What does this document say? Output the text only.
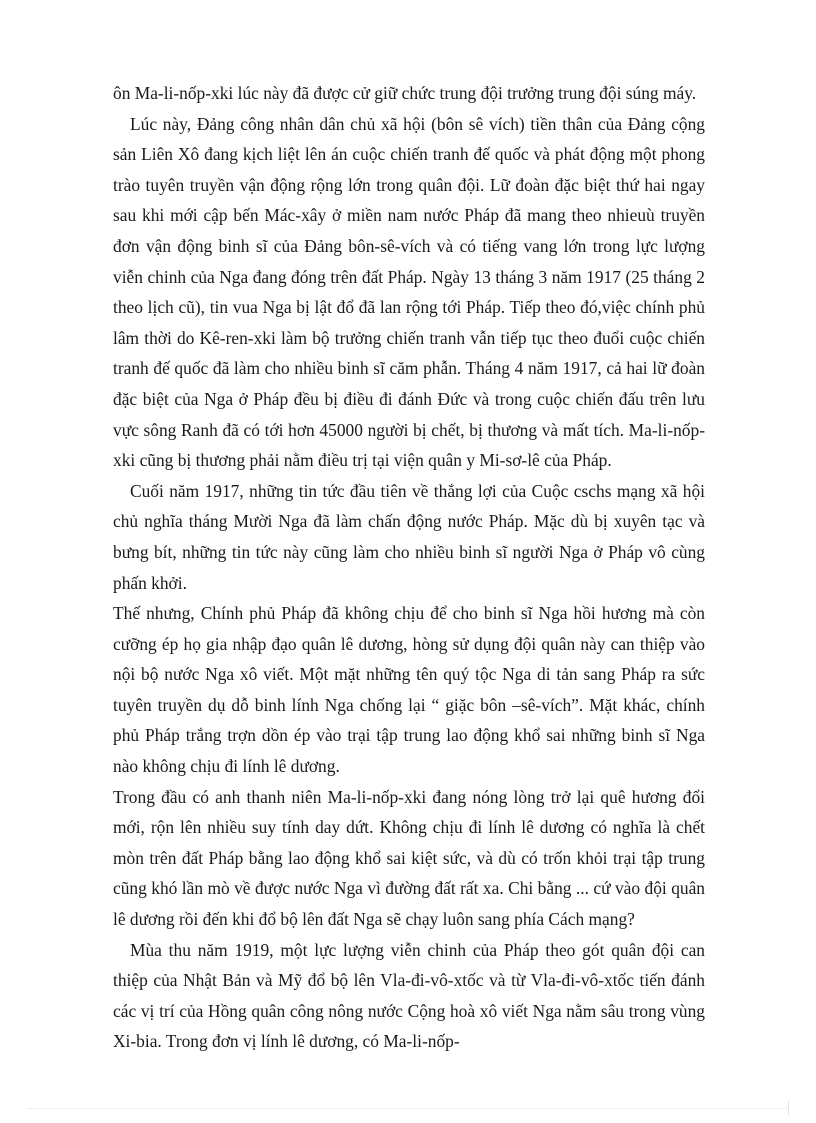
ôn Ma-li-nốp-xki lúc này đã được cử giữ chức trung đội trưởng trung đội súng máy.

Lúc này, Đảng công nhân dân chủ xã hội (bôn sê vích) tiền thân của Đảng cộng sản Liên Xô đang kịch liệt lên án cuộc chiến tranh đế quốc và phát động một phong trào tuyên truyền vận động rộng lớn trong quân đội. Lữ đoàn đặc biệt thứ hai ngay sau khi mới cập bến Mác-xây ở miền nam nước Pháp đã mang theo nhieuù truyền đơn vận động binh sĩ của Đảng bôn-sê-vích và có tiếng vang lớn trong lực lượng viễn chinh của Nga đang đóng trên đất Pháp. Ngày 13 tháng 3 năm 1917 (25 tháng 2 theo lịch cũ), tin vua Nga bị lật đổ đã lan rộng tới Pháp. Tiếp theo đó,việc chính phủ lâm thời do Kê-ren-xki làm bộ trưởng chiến tranh vẫn tiếp tục theo đuổi cuộc chiến tranh đế quốc đã làm cho nhiều binh sĩ căm phẫn. Tháng 4 năm 1917, cả hai lữ đoàn đặc biệt của Nga ở Pháp đều bị điều đi đánh Đức và trong cuộc chiến đấu trên lưu vực sông Ranh đã có tới hơn 45000 người bị chết, bị thương và mất tích. Ma-li-nốp-xki cũng bị thương phải nằm điều trị tại viện quân y Mi-sơ-lê của Pháp.

Cuối năm 1917, những tin tức đầu tiên về thắng lợi của Cuộc cschs mạng xã hội chủ nghĩa tháng Mười Nga đã làm chấn động nước Pháp. Mặc dù bị xuyên tạc và bưng bít, những tin tức này cũng làm cho nhiều binh sĩ người Nga ở Pháp vô cùng phấn khởi.

Thế nhưng, Chính phủ Pháp đã không chịu để cho binh sĩ Nga hồi hương mà còn cưỡng ép họ gia nhập đạo quân lê dương, hòng sử dụng đội quân này can thiệp vào nội bộ nước Nga xô viết. Một mặt những tên quý tộc Nga di tản sang Pháp ra sức tuyên truyền dụ dỗ binh lính Nga chống lại “ giặc bôn –sê-vích”. Mặt khác, chính phủ Pháp trắng trợn dồn ép vào trại tập trung lao động khổ sai những binh sĩ Nga nào không chịu đi lính lê dương.

Trong đầu có anh thanh niên Ma-li-nốp-xki đang nóng lòng trở lại quê hương đổi mới, rộn lên nhiều suy tính day dứt. Không chịu đi lính lê dương có nghĩa là chết mòn trên đất Pháp bằng lao động khổ sai kiệt sức, và dù có trốn khỏi trại tập trung cũng khó lần mò về được nước Nga vì đường đất rất xa. Chi bằng ... cứ vào đội quân lê dương rồi đến khi đổ bộ lên đất Nga sẽ chạy luôn sang phía Cách mạng?

Mùa thu năm 1919, một lực lượng viễn chinh của Pháp theo gót quân đội can thiệp của Nhật Bản và Mỹ đổ bộ lên Vla-đi-vô-xtốc và từ Vla-đi-vô-xtốc tiến đánh các vị trí của Hồng quân công nông nước Cộng hoà xô viết Nga nằm sâu trong vùng Xi-bia. Trong đơn vị lính lê dương, có Ma-li-nốp-
